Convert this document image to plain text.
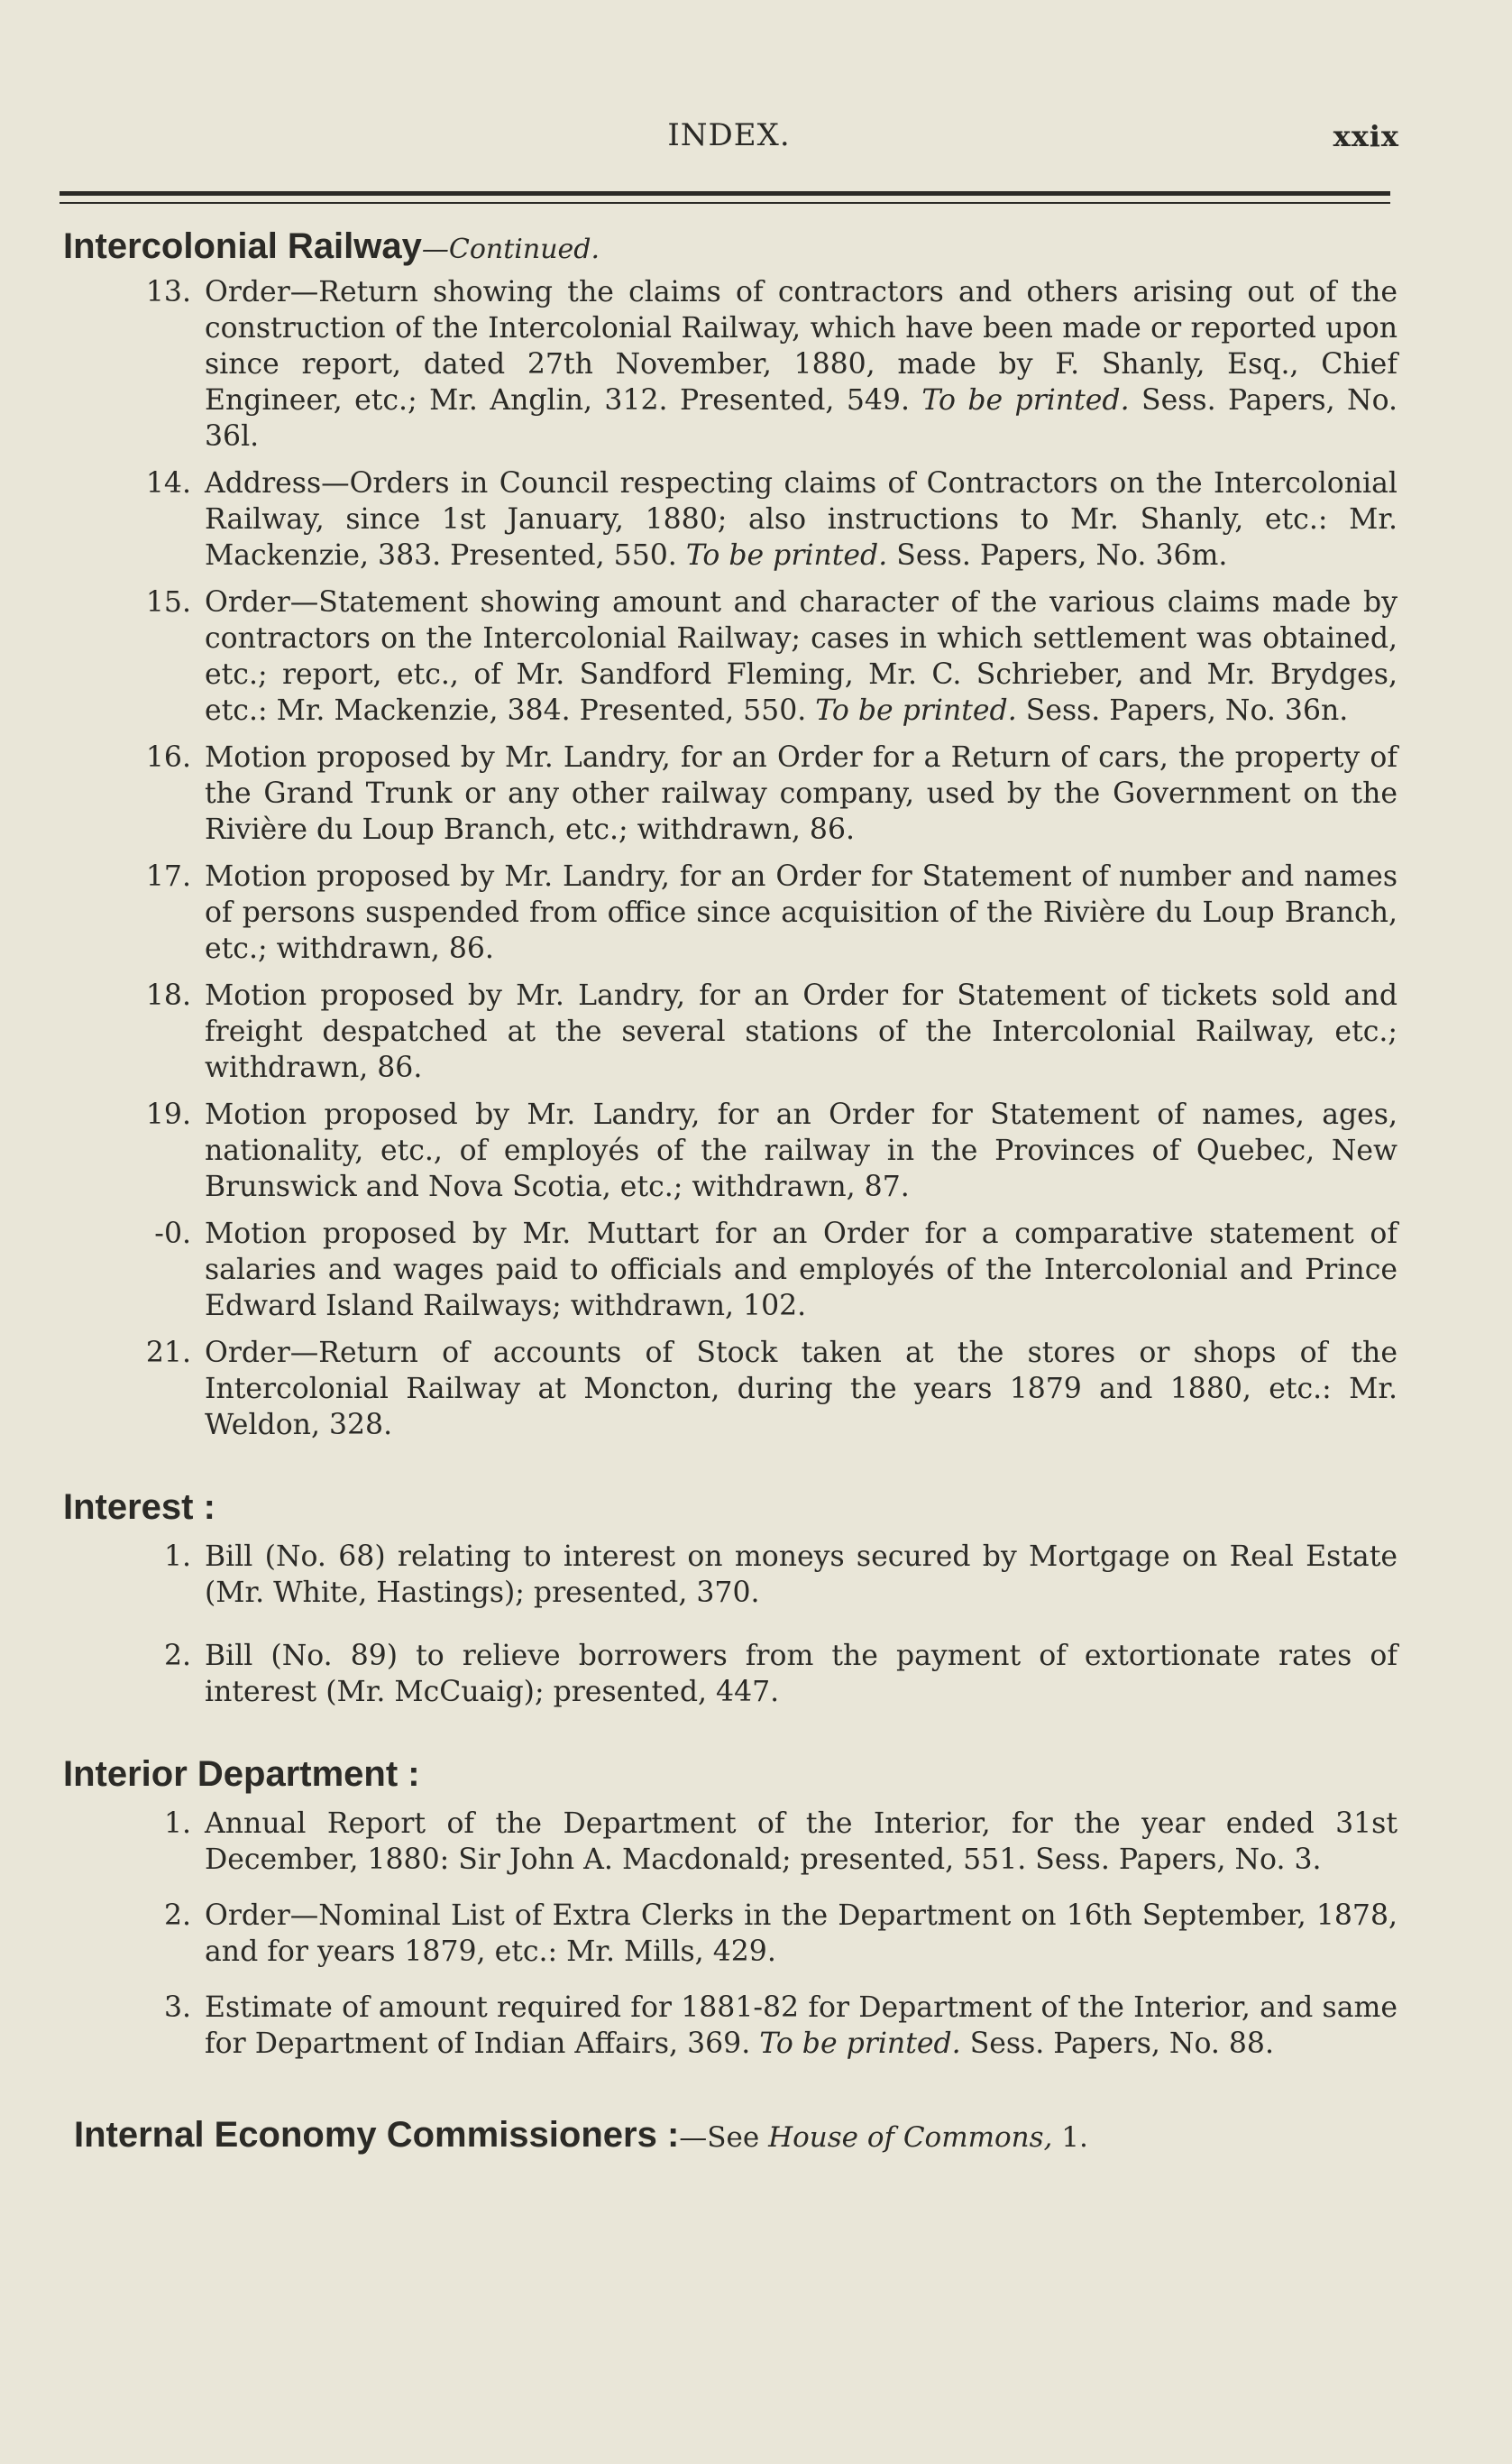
INDEX.	xxix
Intercolonial Railway—Continued.

13. Order—Return showing the claims of contractors and others arising out of the construction of the Intercolonial Railway, which have been made or reported upon since report, dated 27th November, 1880, made by F. Shanly, Esq., Chief Engineer, etc.; Mr. Anglin, 312. Presented, 549. To be printed. Sess. Papers, No. 36l.

14. Address—Orders in Council respecting claims of Contractors on the Intercolonial Railway, since 1st January, 1880; also instructions to Mr. Shanly, etc.: Mr. Mackenzie, 383. Presented, 550. To be printed. Sess. Papers, No. 36m.

15. Order—Statement showing amount and character of the various claims made by contractors on the Intercolonial Railway; cases in which settlement was obtained, etc.; report, etc., of Mr. Sandford Fleming, Mr. C. Schrieber, and Mr. Brydges, etc.: Mr. Mackenzie, 384. Presented, 550. To be printed. Sess. Papers, No. 36n.

16. Motion proposed by Mr. Landry, for an Order for a Return of cars, the property of the Grand Trunk or any other railway company, used by the Government on the Rivière du Loup Branch, etc.; withdrawn, 86.

17. Motion proposed by Mr. Landry, for an Order for Statement of number and names of persons suspended from office since acquisition of the Rivière du Loup Branch, etc.; withdrawn, 86.

18. Motion proposed by Mr. Landry, for an Order for Statement of tickets sold and freight despatched at the several stations of the Intercolonial Railway, etc.; withdrawn, 86.

19. Motion proposed by Mr. Landry, for an Order for Statement of names, ages, nationality, etc., of employés of the railway in the Provinces of Quebec, New Brunswick and Nova Scotia, etc.; withdrawn, 87.

-0. Motion proposed by Mr. Muttart for an Order for a comparative statement of salaries and wages paid to officials and employés of the Intercolonial and Prince Edward Island Railways; withdrawn, 102.

21. Order—Return of accounts of Stock taken at the stores or shops of the Intercolonial Railway at Moncton, during the years 1879 and 1880, etc.: Mr. Weldon, 328.

Interest :

1. Bill (No. 68) relating to interest on moneys secured by Mortgage on Real Estate (Mr. White, Hastings); presented, 370.

2. Bill (No. 89) to relieve borrowers from the payment of extortionate rates of interest (Mr. McCuaig); presented, 447.

Interior Department :

1. Annual Report of the Department of the Interior, for the year ended 31st December, 1880: Sir John A. Macdonald; presented, 551. Sess. Papers, No. 3.

2. Order—Nominal List of Extra Clerks in the Department on 16th September, 1878, and for years 1879, etc.: Mr. Mills, 429.

3. Estimate of amount required for 1881-82 for Department of the Interior, and same for Department of Indian Affairs, 369. To be printed. Sess. Papers, No. 88.

Internal Economy Commissioners :—See House of Commons, 1.
